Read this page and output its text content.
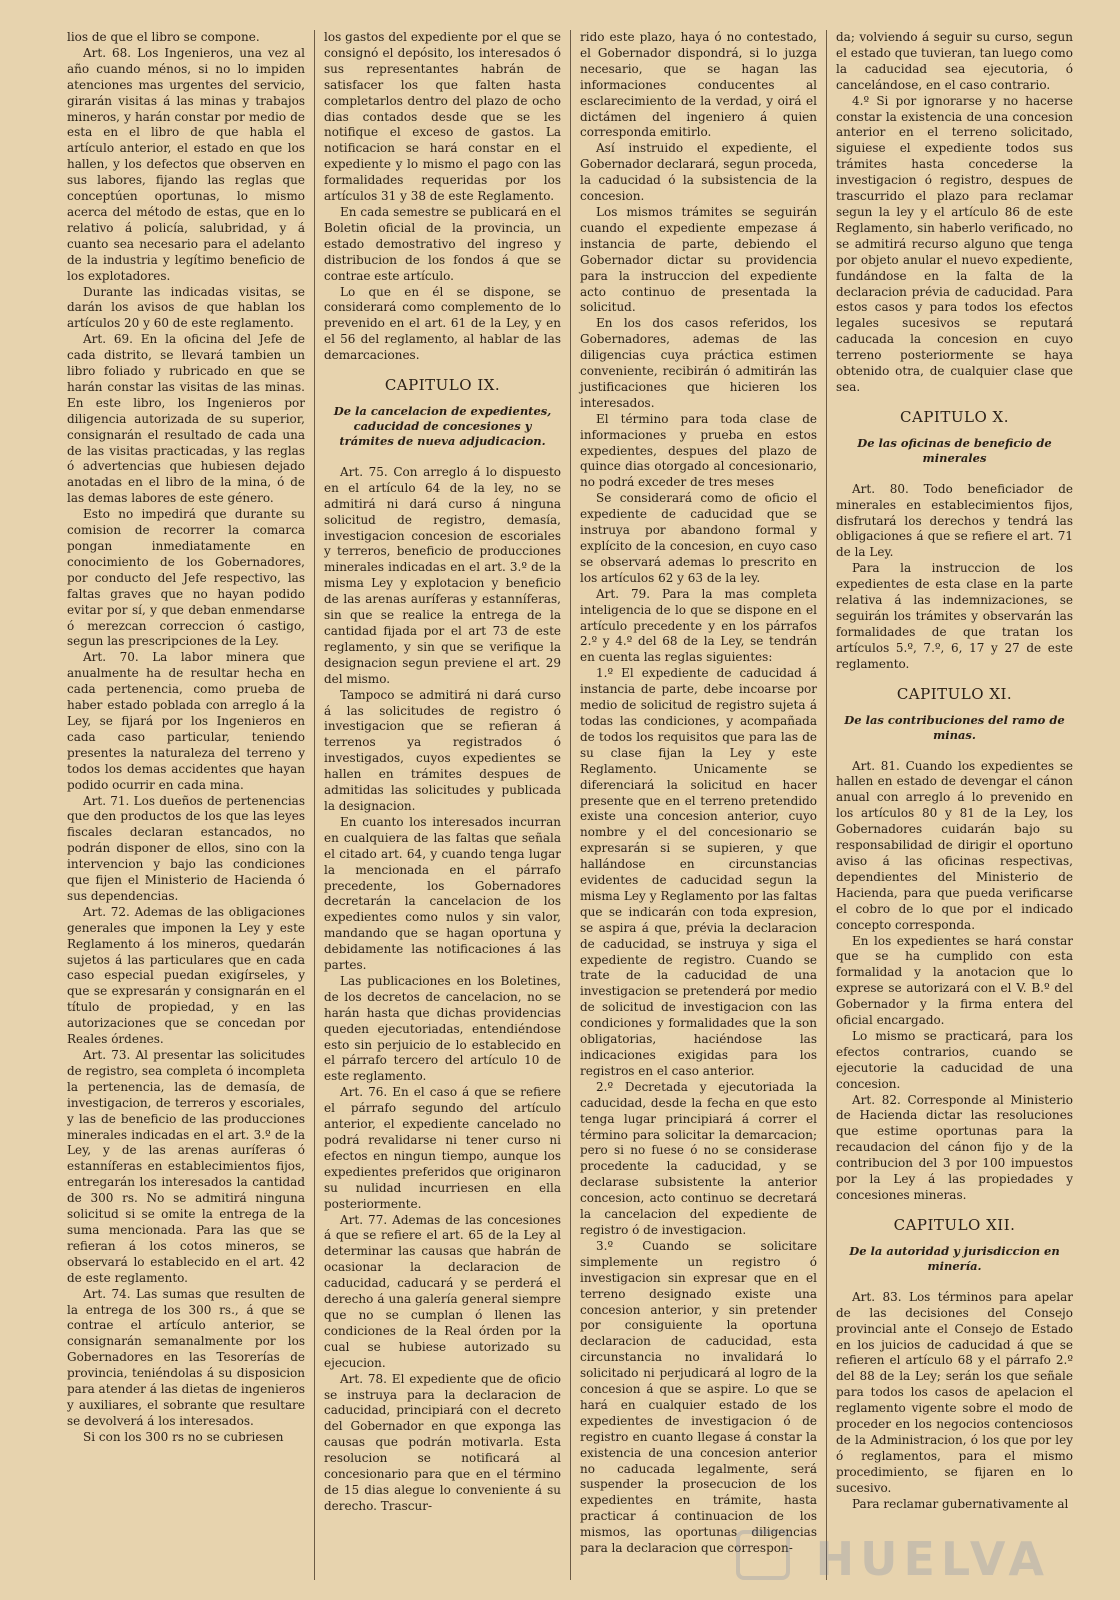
lios de que el libro se compone.

Art. 68. Los Ingenieros, una vez al año cuando ménos, si no lo impiden atenciones mas urgentes del servicio, girarán visitas á las minas y trabajos mineros, y harán constar por medio de esta en el libro de que habla el artículo anterior, el estado en que los hallen, y los defectos que observen en sus labores, fijando las reglas que conceptúen oportunas, lo mismo acerca del método de estas, que en lo relativo á policía, salubridad, y á cuanto sea necesario para el adelanto de la industria y legítimo beneficio de los explotadores.

Durante las indicadas visitas, se darán los avisos de que hablan los artículos 20 y 60 de este reglamento.

Art. 69. En la oficina del Jefe de cada distrito, se llevará tambien un libro foliado y rubricado en que se harán constar las visitas de las minas. En este libro, los Ingenieros por diligencia autorizada de su superior, consignarán el resultado de cada una de las visitas practicadas, y las reglas ó advertencias que hubiesen dejado anotadas en el libro de la mina, ó de las demas labores de este género.

Esto no impedirá que durante su comision de recorrer la comarca pongan inmediatamente en conocimiento de los Gobernadores, por conducto del Jefe respectivo, las faltas graves que no hayan podido evitar por sí, y que deban enmendarse ó merezcan correccion ó castigo, segun las prescripciones de la Ley.

Art. 70. La labor minera que anualmente ha de resultar hecha en cada pertenencia, como prueba de haber estado poblada con arreglo á la Ley, se fijará por los Ingenieros en cada caso particular, teniendo presentes la naturaleza del terreno y todos los demas accidentes que hayan podido ocurrir en cada mina.

Art. 71. Los dueños de pertenencias que den productos de los que las leyes fiscales declaran estancados, no podrán disponer de ellos, sino con la intervencion y bajo las condiciones que fijen el Ministerio de Hacienda ó sus dependencias.

Art. 72. Ademas de las obligaciones generales que imponen la Ley y este Reglamento á los mineros, quedarán sujetos á las particulares que en cada caso especial puedan exigírseles, y que se expresarán y consignarán en el título de propiedad, y en las autorizaciones que se concedan por Reales órdenes.

Art. 73. Al presentar las solicitudes de registro, sea completa ó incompleta la pertenencia, las de demasía, de investigacion, de terreros y escoriales, y las de beneficio de las producciones minerales indicadas en el art. 3.º de la Ley, y de las arenas auríferas ó estanníferas en establecimientos fijos, entregarán los interesados la cantidad de 300 rs. No se admitirá ninguna solicitud si se omite la entrega de la suma mencionada. Para las que se refieran á los cotos mineros, se observará lo establecido en el art. 42 de este reglamento.

Art. 74. Las sumas que resulten de la entrega de los 300 rs., á que se contrae el artículo anterior, se consignarán semanalmente por los Gobernadores en las Tesorerías de provincia, teniéndolas á su disposicion para atender á las dietas de ingenieros y auxiliares, el sobrante que resultare se devolverá á los interesados.

Si con los 300 rs no se cubriesen

los gastos del expediente por el que se consignó el depósito, los interesados ó sus representantes habrán de satisfacer los que falten hasta completarlos dentro del plazo de ocho dias contados desde que se les notifique el exceso de gastos. La notificacion se hará constar en el expediente y lo mismo el pago con las formalidades requeridas por los artículos 31 y 38 de este Reglamento.

En cada semestre se publicará en el Boletin oficial de la provincia, un estado demostrativo del ingreso y distribucion de los fondos á que se contrae este artículo.

Lo que en él se dispone, se considerará como complemento de lo prevenido en el art. 61 de la Ley, y en el 56 del reglamento, al hablar de las demarcaciones.

CAPITULO IX.
De la cancelacion de expedientes, caducidad de concesiones y trámites de nueva adjudicacion.

Art. 75. Con arreglo á lo dispuesto en el artículo 64 de la ley, no se admitirá ni dará curso á ninguna solicitud de registro, demasía, investigacion concesion de escoriales y terreros, beneficio de producciones minerales indicadas en el art. 3.º de la misma Ley y explotacion y beneficio de las arenas auríferas y estanníferas, sin que se realice la entrega de la cantidad fijada por el art 73 de este reglamento, y sin que se verifique la designacion segun previene el art. 29 del mismo.

Tampoco se admitirá ni dará curso á las solicitudes de registro ó investigacion que se refieran á terrenos ya registrados ó investigados, cuyos expedientes se hallen en trámites despues de admitidas las solicitudes y publicada la designacion.

En cuanto los interesados incurran en cualquiera de las faltas que señala el citado art. 64, y cuando tenga lugar la mencionada en el párrafo precedente, los Gobernadores decretarán la cancelacion de los expedientes como nulos y sin valor, mandando que se hagan oportuna y debidamente las notificaciones á las partes.

Las publicaciones en los Boletines, de los decretos de cancelacion, no se harán hasta que dichas providencias queden ejecutoriadas, entendiéndose esto sin perjuicio de lo establecido en el párrafo tercero del artículo 10 de este reglamento.

Art. 76. En el caso á que se refiere el párrafo segundo del artículo anterior, el expediente cancelado no podrá revalidarse ni tener curso ni efectos en ningun tiempo, aunque los expedientes preferidos que originaron su nulidad incurriesen en ella posteriormente.

Art. 77. Ademas de las concesiones á que se refiere el art. 65 de la Ley al determinar las causas que habrán de ocasionar la declaracion de caducidad, caducará y se perderá el derecho á una galería general siempre que no se cumplan ó llenen las condiciones de la Real órden por la cual se hubiese autorizado su ejecucion.

Art. 78. El expediente que de oficio se instruya para la declaracion de caducidad, principiará con el decreto del Gobernador en que exponga las causas que podrán motivarla. Esta resolucion se notificará al concesionario para que en el término de 15 dias alegue lo conveniente á su derecho. Trascur-

rido este plazo, haya ó no contestado, el Gobernador dispondrá, si lo juzga necesario, que se hagan las informaciones conducentes al esclarecimiento de la verdad, y oirá el dictámen del ingeniero á quien corresponda emitirlo.

Así instruido el expediente, el Gobernador declarará, segun proceda, la caducidad ó la subsistencia de la concesion.

Los mismos trámites se seguirán cuando el expediente empezase á instancia de parte, debiendo el Gobernador dictar su providencia para la instruccion del expediente acto continuo de presentada la solicitud.

En los dos casos referidos, los Gobernadores, ademas de las diligencias cuya práctica estimen conveniente, recibirán ó admitirán las justificaciones que hicieren los interesados.

El término para toda clase de informaciones y prueba en estos expedientes, despues del plazo de quince dias otorgado al concesionario, no podrá exceder de tres meses

Se considerará como de oficio el expediente de caducidad que se instruya por abandono formal y explícito de la concesion, en cuyo caso se observará ademas lo prescrito en los artículos 62 y 63 de la ley.

Art. 79. Para la mas completa inteligencia de lo que se dispone en el artículo precedente y en los párrafos 2.º y 4.º del 68 de la Ley, se tendrán en cuenta las reglas siguientes:

1.º El expediente de caducidad á instancia de parte, debe incoarse por medio de solicitud de registro sujeta á todas las condiciones, y acompañada de todos los requisitos que para las de su clase fijan la Ley y este Reglamento. Unicamente se diferenciará la solicitud en hacer presente que en el terreno pretendido existe una concesion anterior, cuyo nombre y el del concesionario se expresarán si se supieren, y que hallándose en circunstancias evidentes de caducidad segun la misma Ley y Reglamento por las faltas que se indicarán con toda expresion, se aspira á que, prévia la declaracion de caducidad, se instruya y siga el expediente de registro. Cuando se trate de la caducidad de una investigacion se pretenderá por medio de solicitud de investigacion con las condiciones y formalidades que la son obligatorias, haciéndose las indicaciones exigidas para los registros en el caso anterior.

2.º Decretada y ejecutoriada la caducidad, desde la fecha en que esto tenga lugar principiará á correr el término para solicitar la demarcacion; pero si no fuese ó no se considerase procedente la caducidad, y se declarase subsistente la anterior concesion, acto continuo se decretará la cancelacion del expediente de registro ó de investigacion.

3.º Cuando se solicitare simplemente un registro ó investigacion sin expresar que en el terreno designado existe una concesion anterior, y sin pretender por consiguiente la oportuna declaracion de caducidad, esta circunstancia no invalidará lo solicitado ni perjudicará al logro de la concesion á que se aspire. Lo que se hará en cualquier estado de los expedientes de investigacion ó de registro en cuanto llegase á constar la existencia de una concesion anterior no caducada legalmente, será suspender la prosecucion de los expedientes en trámite, hasta practicar á continuacion de los mismos, las oportunas diligencias para la declaracion que correspon-

da; volviendo á seguir su curso, segun el estado que tuvieran, tan luego como la caducidad sea ejecutoria, ó cancelándose, en el caso contrario.

4.º Si por ignorarse y no hacerse constar la existencia de una concesion anterior en el terreno solicitado, siguiese el expediente todos sus trámites hasta concederse la investigacion ó registro, despues de trascurrido el plazo para reclamar segun la ley y el artículo 86 de este Reglamento, sin haberlo verificado, no se admitirá recurso alguno que tenga por objeto anular el nuevo expediente, fundándose en la falta de la declaracion prévia de caducidad. Para estos casos y para todos los efectos legales sucesivos se reputará caducada la concesion en cuyo terreno posteriormente se haya obtenido otra, de cualquier clase que sea.

CAPITULO X.
De las oficinas de beneficio de minerales

Art. 80. Todo beneficiador de minerales en establecimientos fijos, disfrutará los derechos y tendrá las obligaciones á que se refiere el art. 71 de la Ley.

Para la instruccion de los expedientes de esta clase en la parte relativa á las indemnizaciones, se seguirán los trámites y observarán las formalidades de que tratan los artículos 5.º, 7.º, 6, 17 y 27 de este reglamento.

CAPITULO XI.
De las contribuciones del ramo de minas.

Art. 81. Cuando los expedientes se hallen en estado de devengar el cánon anual con arreglo á lo prevenido en los artículos 80 y 81 de la Ley, los Gobernadores cuidarán bajo su responsabilidad de dirigir el oportuno aviso á las oficinas respectivas, dependientes del Ministerio de Hacienda, para que pueda verificarse el cobro de lo que por el indicado concepto corresponda.

En los expedientes se hará constar que se ha cumplido con esta formalidad y la anotacion que lo exprese se autorizará con el V. B.º del Gobernador y la firma entera del oficial encargado.

Lo mismo se practicará, para los efectos contrarios, cuando se ejecutorie la caducidad de una concesion.

Art. 82. Corresponde al Ministerio de Hacienda dictar las resoluciones que estime oportunas para la recaudacion del cánon fijo y de la contribucion del 3 por 100 impuestos por la Ley á las propiedades y concesiones mineras.

CAPITULO XII.
De la autoridad y jurisdiccion en minería.

Art. 83. Los términos para apelar de las decisiones del Consejo provincial ante el Consejo de Estado en los juicios de caducidad á que se refieren el artículo 68 y el párrafo 2.º del 88 de la Ley; serán los que señale para todos los casos de apelacion el reglamento vigente sobre el modo de proceder en los negocios contenciosos de la Administracion, ó los que por ley ó reglamentos, para el mismo procedimiento, se fijaren en lo sucesivo.

Para reclamar gubernativamente al

HUELVA
